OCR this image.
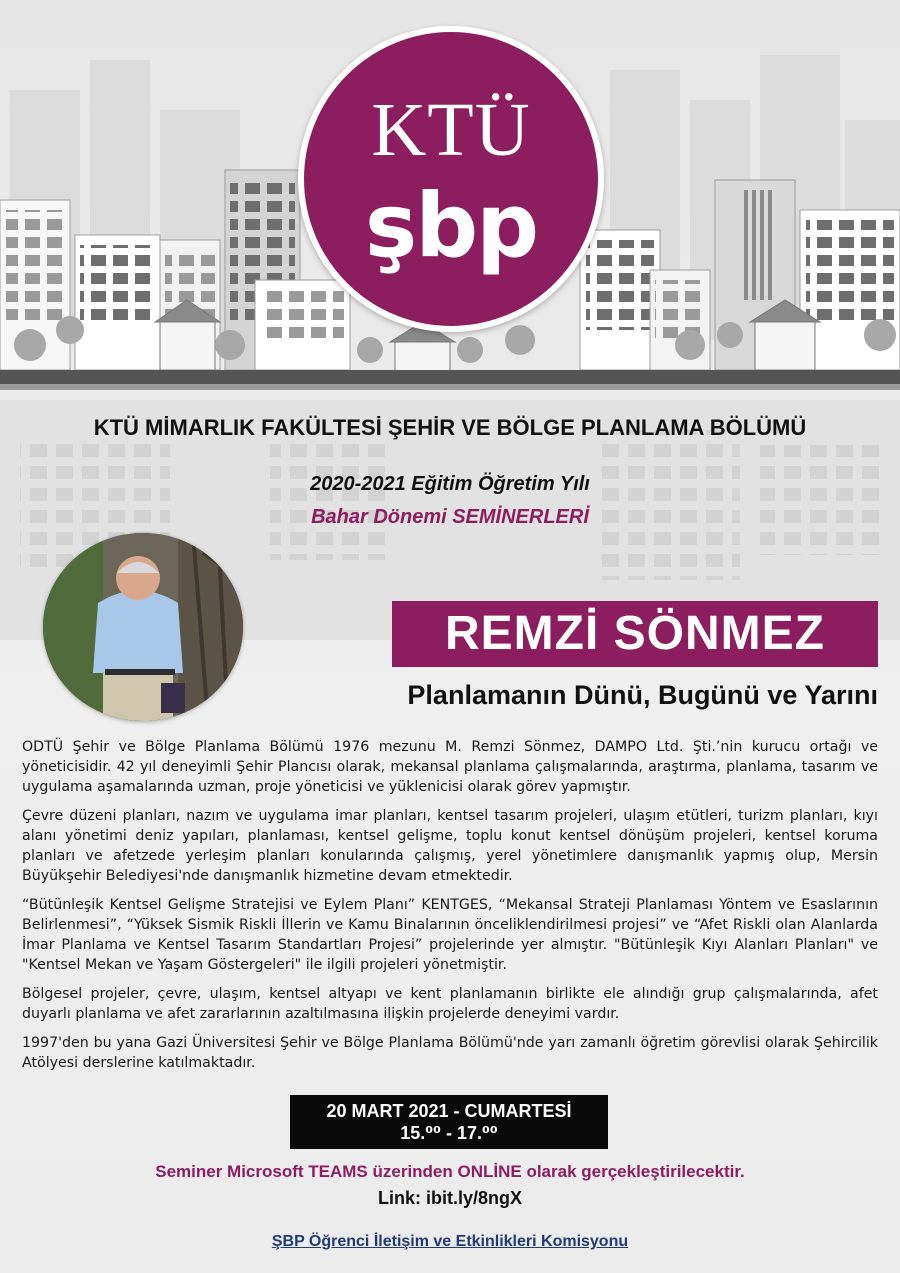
KTÜ
şbp
KTÜ MİMARLIK FAKÜLTESİ ŞEHİR VE BÖLGE PLANLAMA BÖLÜMÜ
2020-2021 Eğitim Öğretim Yılı
Bahar Dönemi SEMİNERLERİ
REMZİ SÖNMEZ
Planlamanın Dünü, Bugünü ve Yarını

ODTÜ Şehir ve Bölge Planlama Bölümü 1976 mezunu M. Remzi Sönmez, DAMPO Ltd. Şti.’nin kurucu ortağı ve yöneticisidir. 42 yıl deneyimli Şehir Plancısı olarak, mekansal planlama çalışmalarında, araştırma, planlama, tasarım ve uygulama aşamalarında uzman, proje yöneticisi ve yüklenicisi olarak görev yapmıştır.

Çevre düzeni planları, nazım ve uygulama imar planları, kentsel tasarım projeleri, ulaşım etütleri, turizm planları, kıyı alanı yönetimi deniz yapıları, planlaması, kentsel gelişme, toplu konut kentsel dönüşüm projeleri, kentsel koruma planları ve afetzede yerleşim planları konularında çalışmış, yerel yönetimlere danışmanlık yapmış olup, Mersin Büyükşehir Belediyesi'nde danışmanlık hizmetine devam etmektedir.

“Bütünleşik Kentsel Gelişme Stratejisi ve Eylem Planı” KENTGES, “Mekansal Strateji Planlaması Yöntem ve Esaslarının Belirlenmesi”, “Yüksek Sismik Riskli İllerin ve Kamu Binalarının önceliklendirilmesi projesi” ve “Afet Riskli olan Alanlarda İmar Planlama ve Kentsel Tasarım Standartları Projesi” projelerinde yer almıştır. "Bütünleşik Kıyı Alanları Planları" ve "Kentsel Mekan ve Yaşam Göstergeleri" ile ilgili projeleri yönetmiştir.

Bölgesel projeler, çevre, ulaşım, kentsel altyapı ve kent planlamanın birlikte ele alındığı grup çalışmalarında, afet duyarlı planlama ve afet zararlarının azaltılmasına ilişkin projelerde deneyimi vardır.

1997'den bu yana Gazi Üniversitesi Şehir ve Bölge Planlama Bölümü'nde yarı zamanlı öğretim görevlisi olarak Şehircilik Atölyesi derslerine katılmaktadır.

20 MART 2021 - CUMARTESİ
15.⁰⁰ - 17.⁰⁰
Seminer Microsoft TEAMS üzerinden ONLİNE olarak gerçekleştirilecektir.
Link: ibit.ly/8ngX
ŞBP Öğrenci İletişim ve Etkinlikleri Komisyonu
